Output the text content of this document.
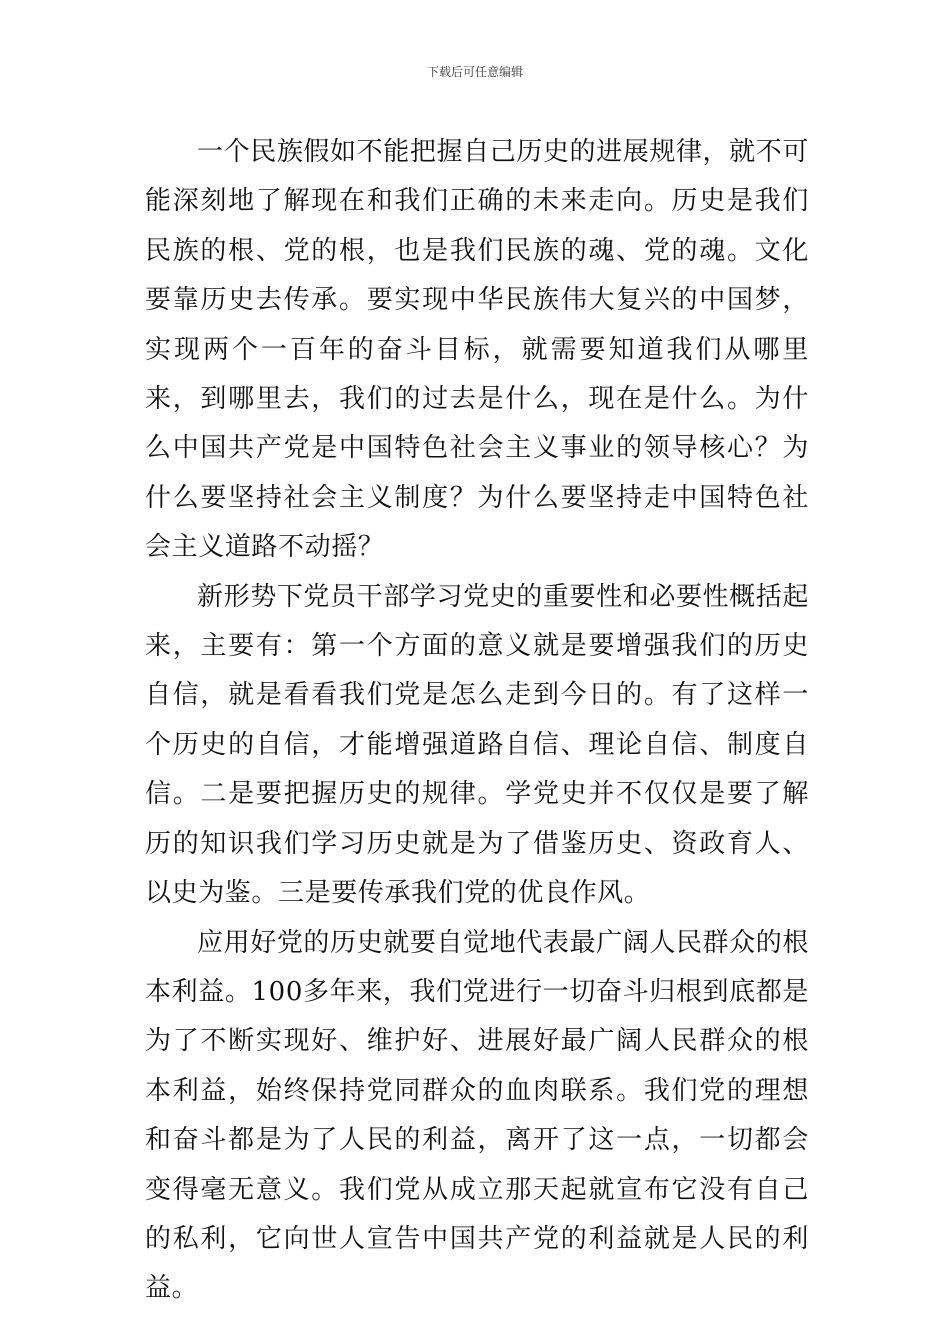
下载后可任意编辑

一个民族假如不能把握自己历史的进展规律，就不可能深刻地了解现在和我们正确的未来走向。历史是我们民族的根、党的根，也是我们民族的魂、党的魂。文化要靠历史去传承。要实现中华民族伟大复兴的中国梦，实现两个一百年的奋斗目标，就需要知道我们从哪里来，到哪里去，我们的过去是什么，现在是什么。为什么中国共产党是中国特色社会主义事业的领导核心？为什么要坚持社会主义制度？为什么要坚持走中国特色社会主义道路不动摇？

新形势下党员干部学习党史的重要性和必要性概括起来，主要有：第一个方面的意义就是要增强我们的历史自信，就是看看我们党是怎么走到今日的。有了这样一个历史的自信，才能增强道路自信、理论自信、制度自信。二是要把握历史的规律。学党史并不仅仅是要了解历的知识我们学习历史就是为了借鉴历史、资政育人、以史为鉴。三是要传承我们党的优良作风。

应用好党的历史就要自觉地代表最广阔人民群众的根本利益。100多年来，我们党进行一切奋斗归根到底都是为了不断实现好、维护好、进展好最广阔人民群众的根本利益，始终保持党同群众的血肉联系。我们党的理想和奋斗都是为了人民的利益，离开了这一点，一切都会变得毫无意义。我们党从成立那天起就宣布它没有自己的私利，它向世人宣告中国共产党的利益就是人民的利益。
